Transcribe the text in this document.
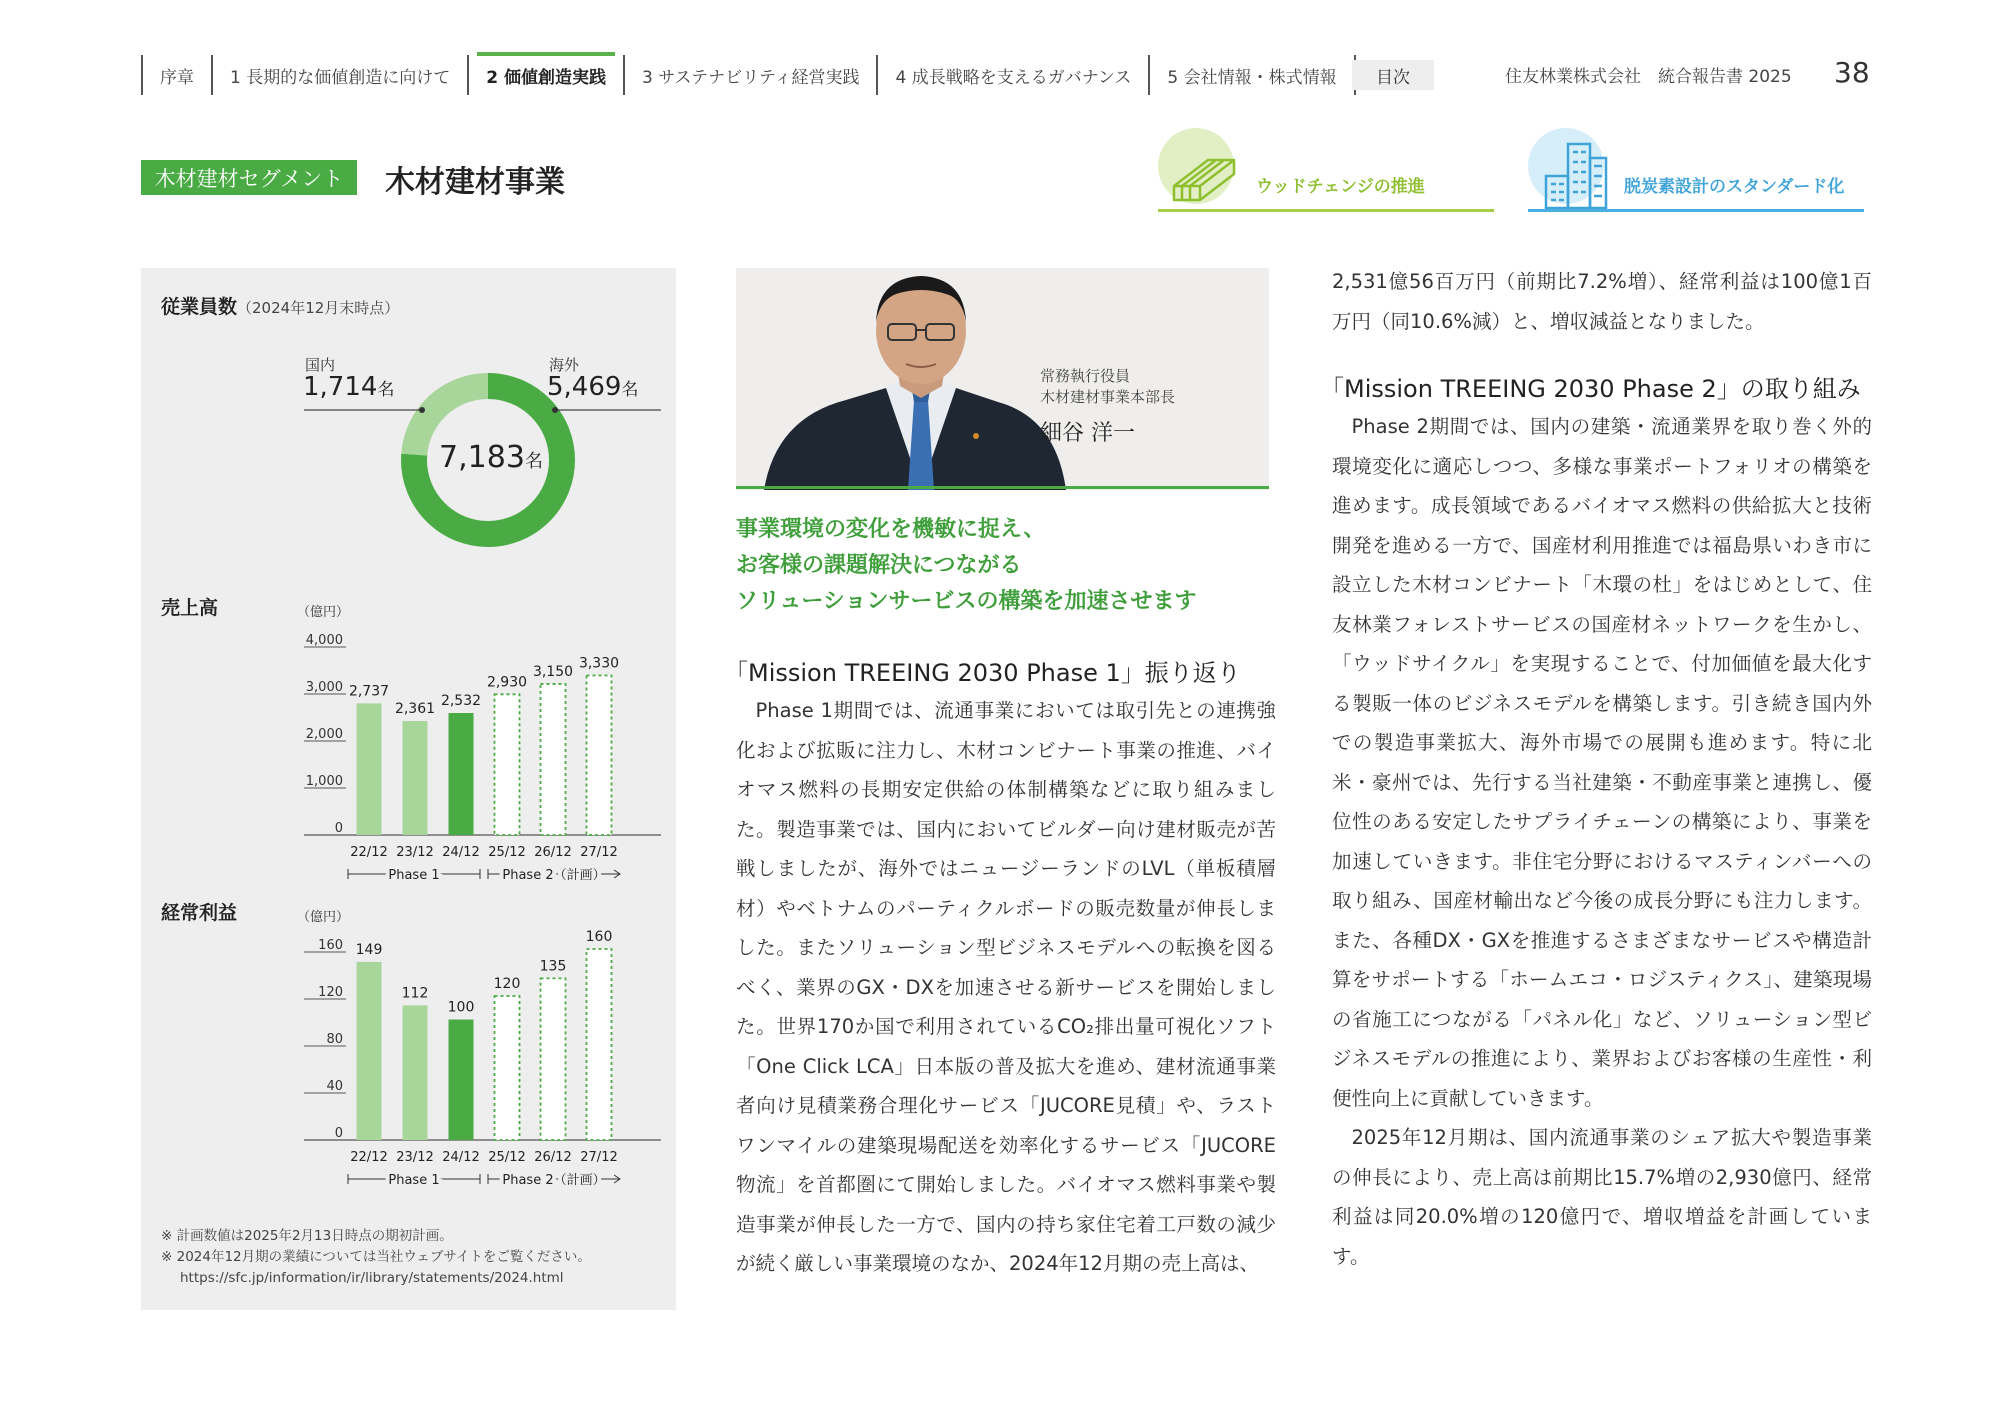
序章 1 長期的な価値創造に向けて 2 価値創造実践 3 サステナビリティ経営実践 4 成長戦略を支えるガバナンス 5 会社情報・株式情報	目次	住友林業株式会社　統合報告書 2025 38
木材建材セグメント	木材建材事業	ウッドチェンジの推進	脱炭素設計のスタンダード化
従業員数（2024年12月末時点）
国内
1,714名
海外
5,469名
7,183名
売上高	（億円）
0
1,000
2,000
3,000
4,000
2,737
22/12
2,361
23/12
2,532
24/12
2,930
25/12
3,150
26/12
3,330
27/12
Phase 1	Phase 2（計画）
経常利益	（億円）
0
40
80
120
160 149
22/12
112
23/12
100
24/12
120
25/12
135
26/12
160
27/12
Phase 1	Phase 2（計画）
※ 計画数値は2025年2月13日時点の期初計画。
※ 2024年12月期の業績については当社ウェブサイトをご覧ください。
https://sfc.jp/information/ir/library/statements/2024.html
常務執行役員
木材建材事業本部長
細谷 洋一
事業環境の変化を機敏に捉え、
お客様の課題解決につながる
ソリューションサービスの構築を加速させます
「Mission TREEING 2030 Phase 1」振り返り

Phase 1期間では、流通事業においては取引先との連携強化および拡販に注力し、木材コンビナート事業の推進、バイオマス燃料の長期安定供給の体制構築などに取り組みました。製造事業では、国内においてビルダー向け建材販売が苦戦しましたが、海外ではニュージーランドのLVL（単板積層材）やベトナムのパーティクルボードの販売数量が伸長しました。またソリューション型ビジネスモデルへの転換を図るべく、業界のGX・DXを加速させる新サービスを開始しました。世界170か国で利用されているCO₂排出量可視化ソフト「One Click LCA」日本版の普及拡大を進め、建材流通事業者向け見積業務合理化サービス「JUCORE見積」や、ラストワンマイルの建築現場配送を効率化するサービス「JUCORE物流」を首都圏にて開始しました。バイオマス燃料事業や製造事業が伸長した一方で、国内の持ち家住宅着工戸数の減少が続く厳しい事業環境のなか、2024年12月期の売上高は、

2,531億56百万円（前期比7.2%増）、経常利益は100億1百万円（同10.6%減）と、増収減益となりました。

「Mission TREEING 2030 Phase 2」の取り組み

Phase 2期間では、国内の建築・流通業界を取り巻く外的環境変化に適応しつつ、多様な事業ポートフォリオの構築を進めます。成長領域であるバイオマス燃料の供給拡大と技術開発を進める一方で、国産材利用推進では福島県いわき市に設立した木材コンビナート「木環の杜」をはじめとして、住友林業フォレストサービスの国産材ネットワークを生かし、「ウッドサイクル」を実現することで、付加価値を最大化する製販一体のビジネスモデルを構築します。引き続き国内外での製造事業拡大、海外市場での展開も進めます。特に北米・豪州では、先行する当社建築・不動産事業と連携し、優位性のある安定したサプライチェーンの構築により、事業を加速していきます。非住宅分野におけるマスティンバーへの取り組み、国産材輸出など今後の成長分野にも注力します。また、各種DX・GXを推進するさまざまなサービスや構造計算をサポートする「ホームエコ・ロジスティクス」、建築現場の省施工につながる「パネル化」など、ソリューション型ビジネスモデルの推進により、業界およびお客様の生産性・利便性向上に貢献していきます。

2025年12月期は、国内流通事業のシェア拡大や製造事業の伸長により、売上高は前期比15.7%増の2,930億円、経常利益は同20.0%増の120億円で、増収増益を計画しています。
